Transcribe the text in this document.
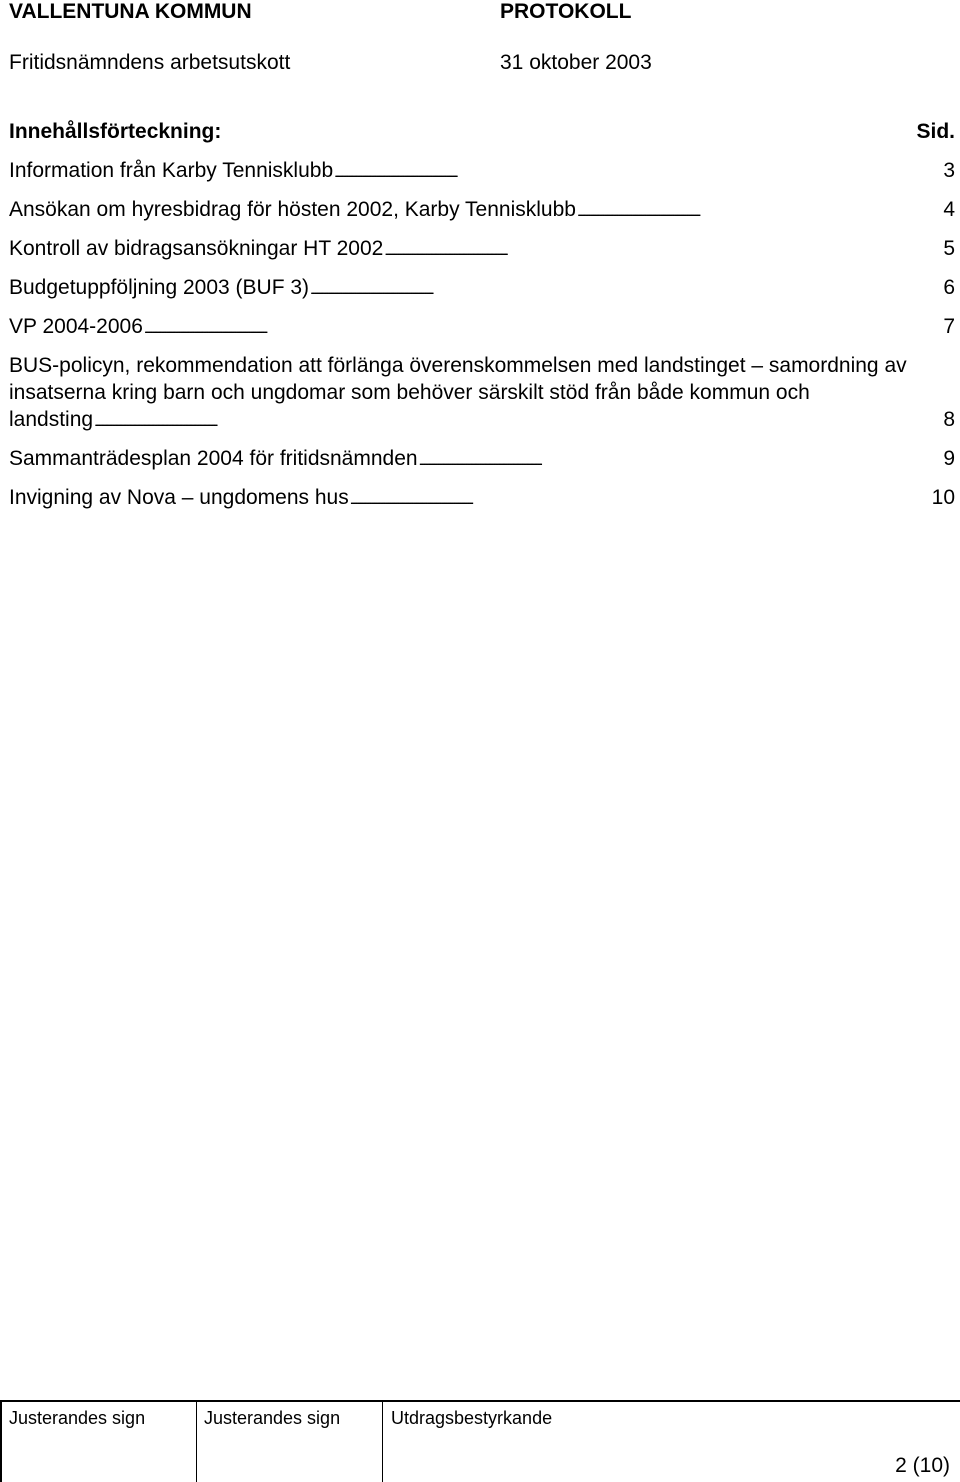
VALLENTUNA KOMMUN	PROTOKOLL
Fritidsnämndens arbetsutskott	31 oktober 2003
Innehållsförteckning:	Sid.
Information från Karby Tennisklubb . . .	3
Ansökan om hyresbidrag för hösten 2002, Karby Tennisklubb . . .	4
Kontroll av bidragsansökningar HT 2002 . . .	5
Budgetuppföljning 2003 (BUF 3) . . .	6
VP 2004-2006 . . .	7
BUS-policyn, rekommendation att förlänga överenskommelsen med landstinget – samordning av insatserna kring barn och ungdomar som behöver särskilt stöd från både kommun och
landsting . . .	8
Sammanträdesplan 2004 för fritidsnämnden . . .	9
Invigning av Nova – ungdomens hus . . .	10
Justerandes sign	Justerandes sign	Utdragsbestyrkande
2 (10)
